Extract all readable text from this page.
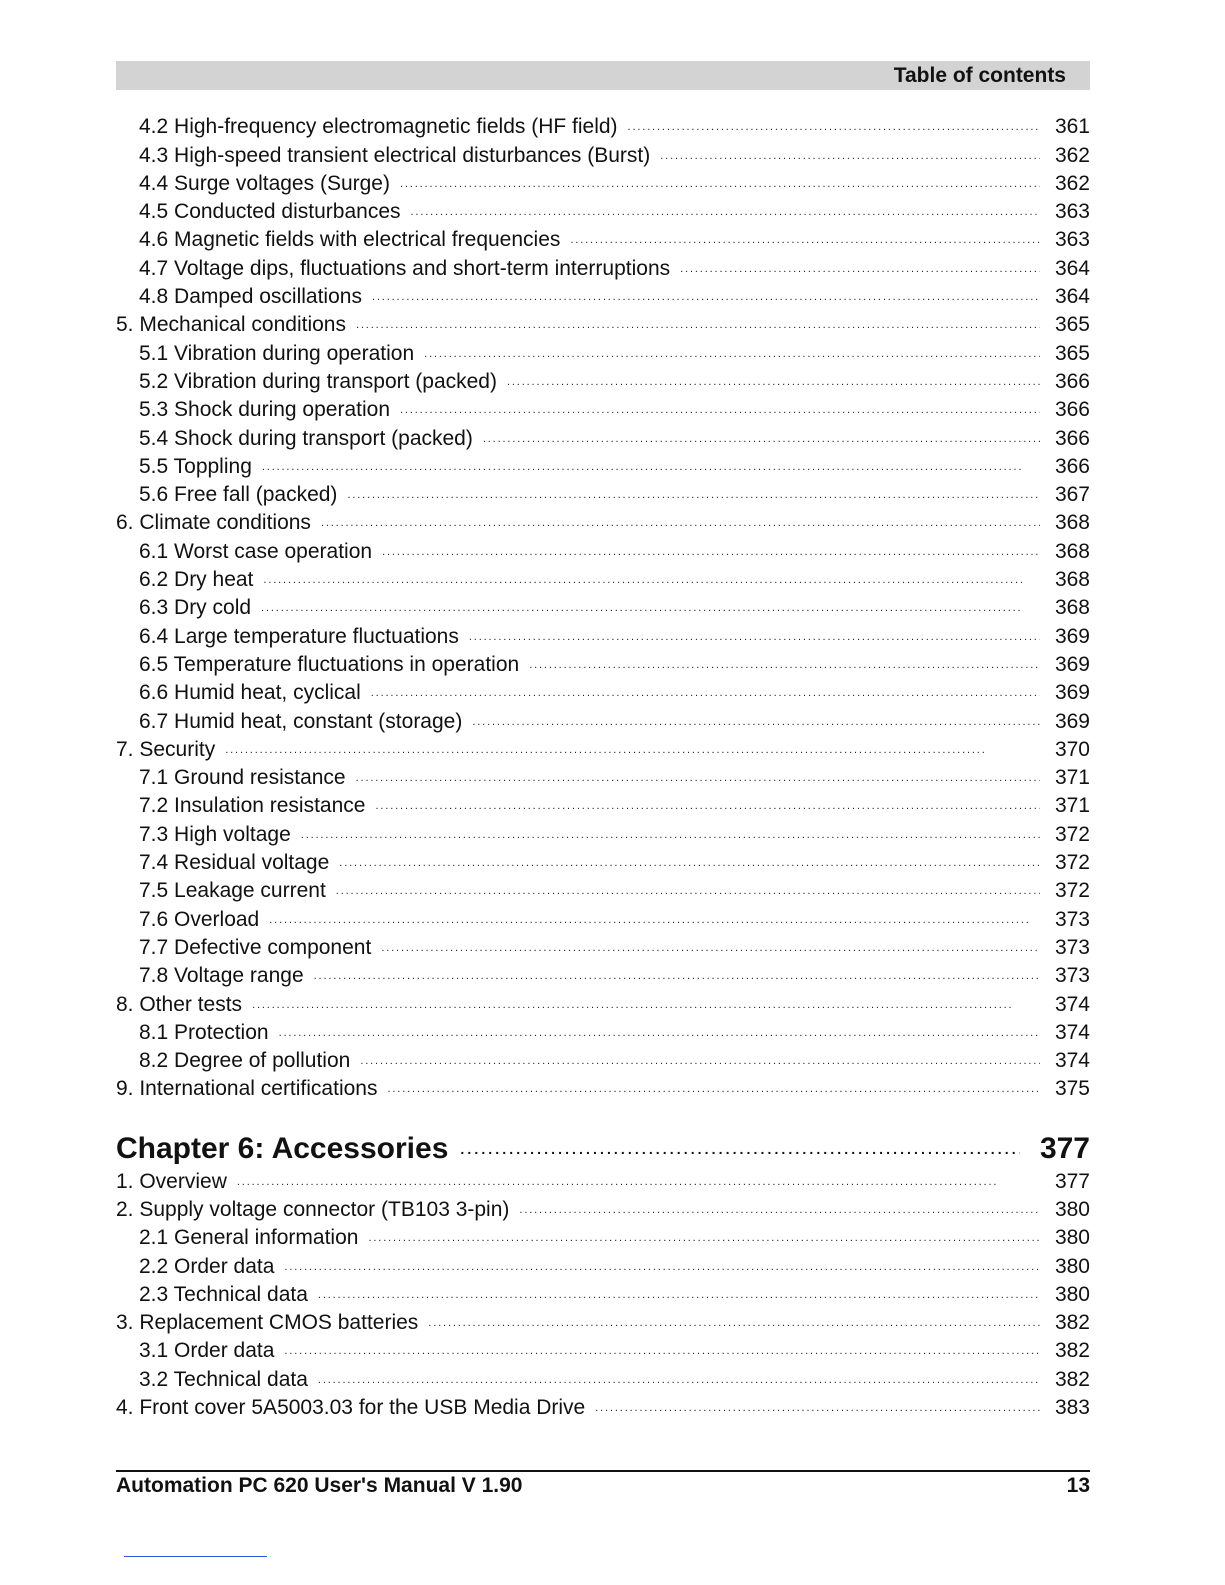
Table of contents
4.2 High-frequency electromagnetic fields (HF field) . . .	361
4.3 High-speed transient electrical disturbances (Burst) . . .	362
4.4 Surge voltages (Surge) . . .	362
4.5 Conducted disturbances . . .	363
4.6 Magnetic fields with electrical frequencies . . .	363
4.7 Voltage dips, fluctuations and short-term interruptions . . .	364
4.8 Damped oscillations . . .	364
5. Mechanical conditions . . .	365
5.1 Vibration during operation . . .	365
5.2 Vibration during transport (packed) . . .	366
5.3 Shock during operation . . .	366
5.4 Shock during transport (packed) . . .	366
5.5 Toppling . . .	366
5.6 Free fall (packed) . . .	367
6. Climate conditions . . .	368
6.1 Worst case operation . . .	368
6.2 Dry heat . . .	368
6.3 Dry cold . . .	368
6.4 Large temperature fluctuations . . .	369
6.5 Temperature fluctuations in operation . . .	369
6.6 Humid heat, cyclical . . .	369
6.7 Humid heat, constant (storage) . . .	369
7. Security . . .	370
7.1 Ground resistance . . .	371
7.2 Insulation resistance . . .	371
7.3 High voltage . . .	372
7.4 Residual voltage . . .	372
7.5 Leakage current . . .	372
7.6 Overload . . .	373
7.7 Defective component . . .	373
7.8 Voltage range . . .	373
8. Other tests . . .	374
8.1 Protection . . .	374
8.2 Degree of pollution . . .	374
9. International certifications . . .	375
Chapter 6: Accessories . . .	377
1. Overview . . .	377
2. Supply voltage connector (TB103 3-pin) . . .	380
2.1 General information . . .	380
2.2 Order data . . .	380
2.3 Technical data . . .	380
3. Replacement CMOS batteries . . .	382
3.1 Order data . . .	382
3.2 Technical data . . .	382
4. Front cover 5A5003.03 for the USB Media Drive . . .	383
Automation PC 620 User's Manual V 1.90	13
